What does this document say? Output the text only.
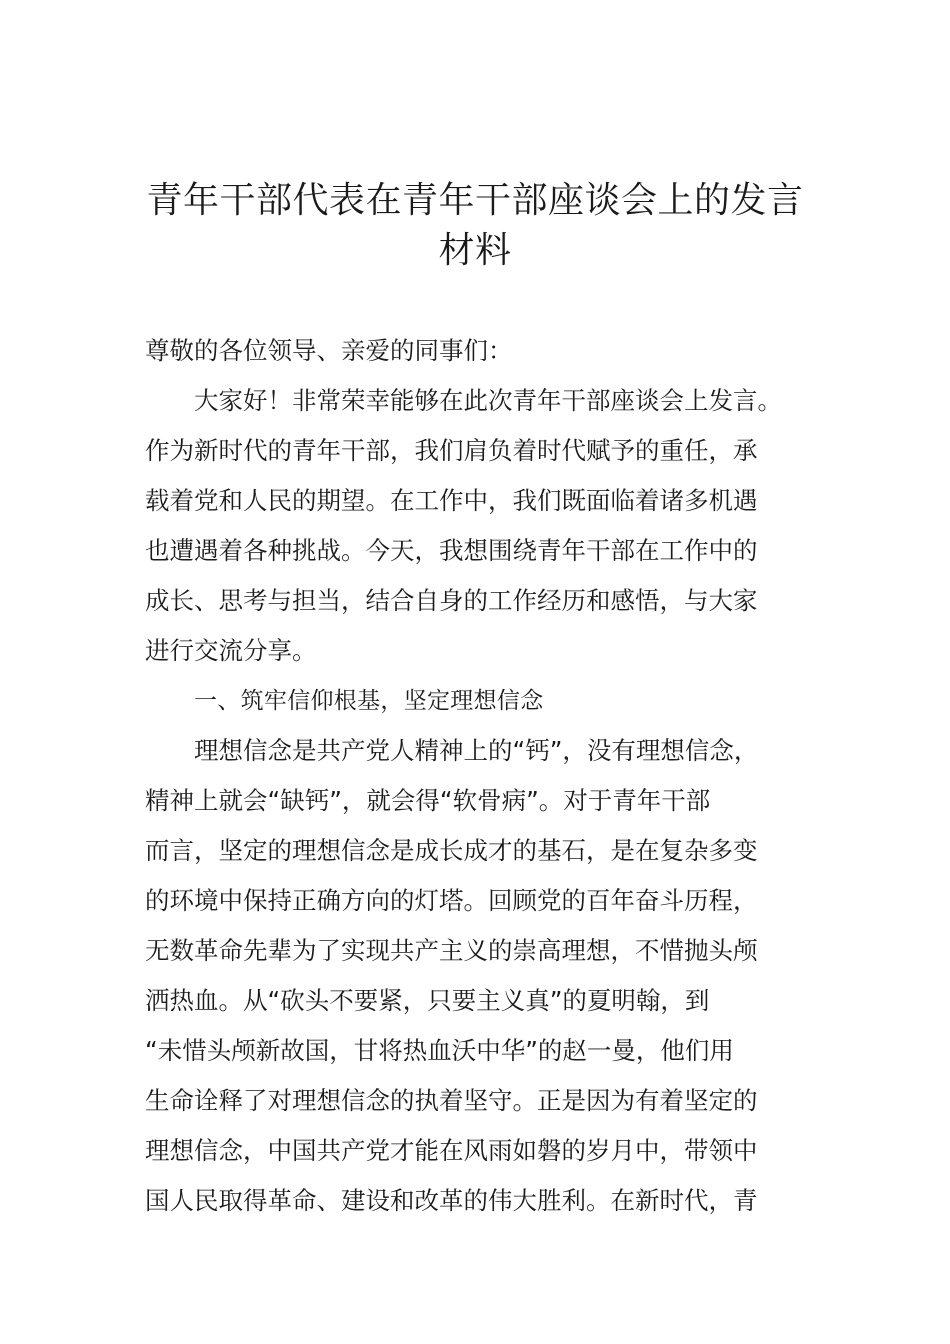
青年干部代表在青年干部座谈会上的发言
材料
尊敬的各位领导、亲爱的同事们：
大家好！非常荣幸能够在此次青年干部座谈会上发言。
作为新时代的青年干部，我们肩负着时代赋予的重任，承
载着党和人民的期望。在工作中，我们既面临着诸多机遇
也遭遇着各种挑战。今天，我想围绕青年干部在工作中的
成长、思考与担当，结合自身的工作经历和感悟，与大家
进行交流分享。
一、筑牢信仰根基，坚定理想信念
理想信念是共产党人精神上的“钙”，没有理想信念，
精神上就会“缺钙”，就会得“软骨病”。对于青年干部
而言，坚定的理想信念是成长成才的基石，是在复杂多变
的环境中保持正确方向的灯塔。回顾党的百年奋斗历程，
无数革命先辈为了实现共产主义的崇高理想，不惜抛头颅
洒热血。从“砍头不要紧，只要主义真”的夏明翰，到
“未惜头颅新故国，甘将热血沃中华”的赵一曼，他们用
生命诠释了对理想信念的执着坚守。正是因为有着坚定的
理想信念，中国共产党才能在风雨如磐的岁月中，带领中
国人民取得革命、建设和改革的伟大胜利。在新时代，青
